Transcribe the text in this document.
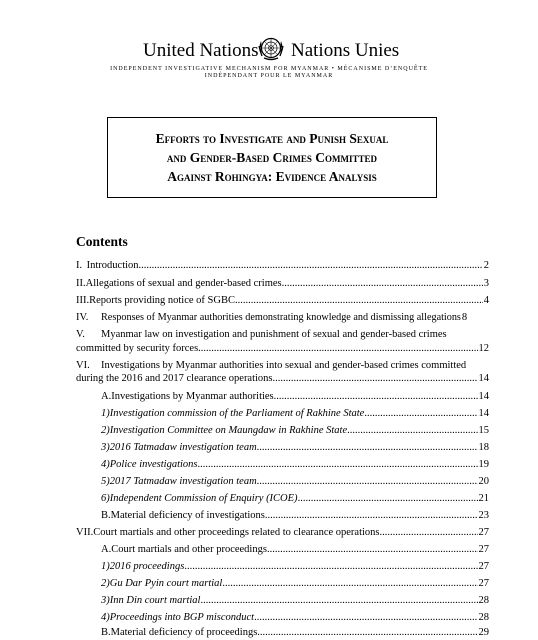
United Nations Nations Unies
INDEPENDENT INVESTIGATIVE MECHANISM FOR MYANMAR • MÉCANISME D’ENQUÊTE
INDÉPENDANT POUR LE MYANMAR
Efforts to Investigate and Punish Sexual
and Gender-Based Crimes Committed
Against Rohingya: Evidence Analysis
Contents
I. Introduction .....	2
II. Allegations of sexual and gender-based crimes .....	3
III. Reports providing notice of SGBC .....	4
IV.	Responses of Myanmar authorities demonstrating knowledge and dismissing allegations 8
V. Myanmar law on investigation and punishment of sexual and gender-based crimes
committed by security forces .....	12
VI. Investigations by Myanmar authorities into sexual and gender-based crimes committed
during the 2016 and 2017 clearance operations .....	14
A. Investigations by Myanmar authorities .....	14
1) Investigation commission of the Parliament of Rakhine State .....	14
2) Investigation Committee on Maungdaw in Rakhine State .....	15
3) 2016 Tatmadaw investigation team .....	18
4) Police investigations .....	19
5) 2017 Tatmadaw investigation team .....	20
6) Independent Commission of Enquiry (ICOE) .....	21
B. Material deficiency of investigations .....	23
VII. Court martials and other proceedings related to clearance operations .....	27
A. Court martials and other proceedings .....	27
1) 2016 proceedings .....	27
2) Gu Dar Pyin court martial .....	27
3) Inn Din court martial .....	28
4) Proceedings into BGP misconduct .....	28
B. Material deficiency of proceedings .....	29
